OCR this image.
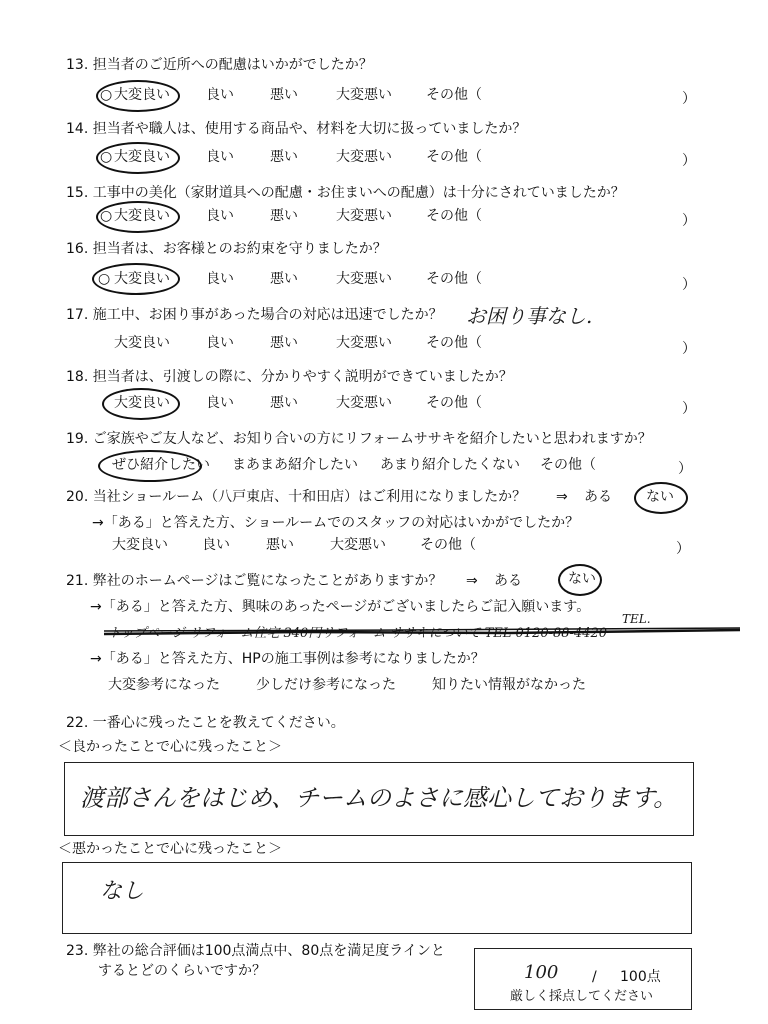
13. 担当者のご近所への配慮はいかがでしたか？
大変良い	良い	悪い	大変悪い その他（	）
○
14. 担当者や職人は、使用する商品や、材料を大切に扱っていましたか？
大変良い	良い	悪い	大変悪い その他（	）
○
15. 工事中の美化（家財道具への配慮・お住まいへの配慮）は十分にされていましたか？
大変良い	良い	悪い	大変悪い その他（	）
○
16. 担当者は、お客様とのお約束を守りましたか？
大変良い	良い	悪い	大変悪い その他（	）
○
17. 施工中、お困り事があった場合の対応は迅速でしたか？ お困り事なし.
大変良い	良い	悪い	大変悪い その他（	）
18. 担当者は、引渡しの際に、分かりやすく説明ができていましたか？
大変良い	良い	悪い	大変悪い その他（	）
19. ご家族やご友人など、お知り合いの方にリフォームササキを紹介したいと思われますか？
ぜひ紹介したい まあまあ紹介したい あまり紹介したくない その他（	）
20. 当社ショールーム（八戸東店、十和田店）はご利用になりましたか？ ⇒ ある ない
→「ある」と答えた方、ショールームでのスタッフの対応はいかがでしたか？
大変良い 良い	悪い	大変悪い その他（	）
21. 弊社のホームページはご覧になったことがありますか？ ⇒ ある	ない
→「ある」と答えた方、興味のあったページがございましたらご記入願います。
TEL.
トップページ リフォーム住宅 340円リフォーム ササキについて TEL 0120-88-4420
→「ある」と答えた方、HPの施工事例は参考になりましたか？
大変参考になった	少しだけ参考になった	知りたい情報がなかった
22. 一番心に残ったことを教えてください。
＜良かったことで心に残ったこと＞
渡部さんをはじめ、チームのよさに感心しております。
＜悪かったことで心に残ったこと＞
なし
23. 弊社の総合評価は100点満点中、80点を満足度ラインと
するとどのくらいですか？	100 / 100点
厳しく採点してください
